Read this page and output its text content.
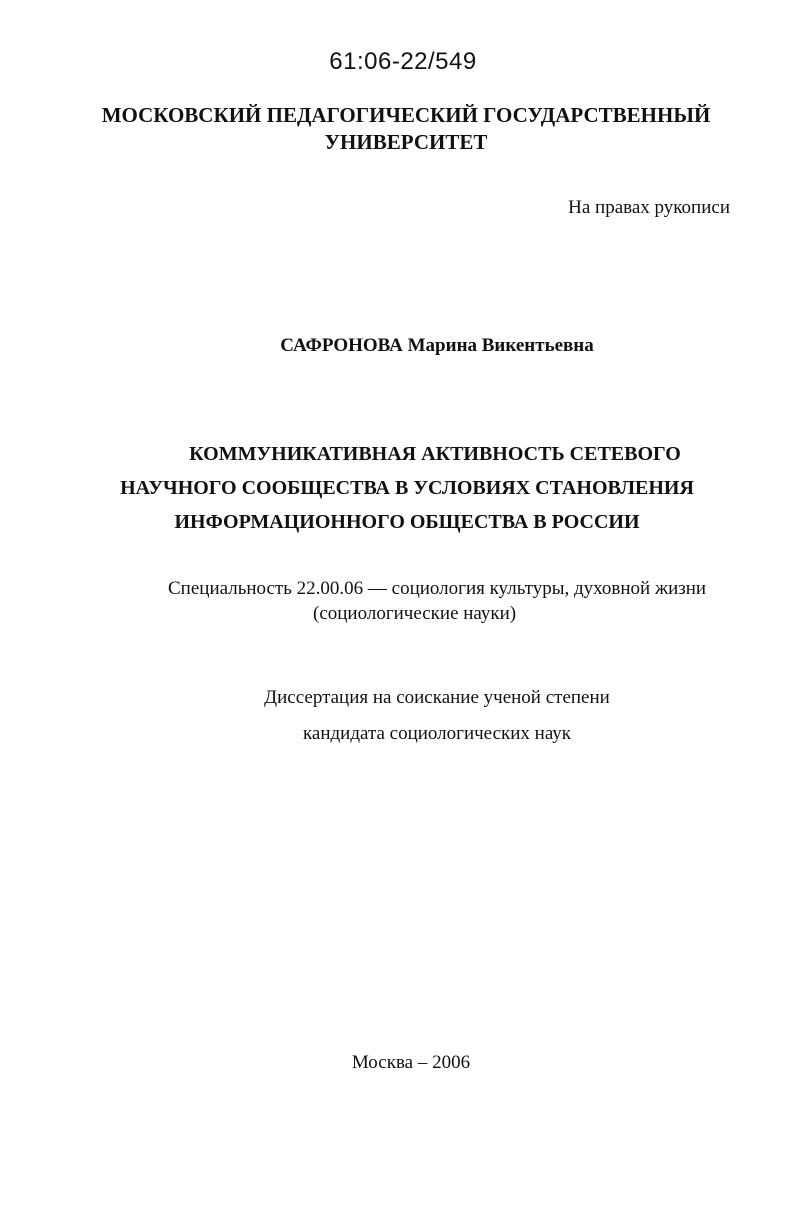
61:06-22/549
МОСКОВСКИЙ ПЕДАГОГИЧЕСКИЙ ГОСУДАРСТВЕННЫЙ
УНИВЕРСИТЕТ
На правах рукописи
САФРОНОВА Марина Викентьевна
КОММУНИКАТИВНАЯ АКТИВНОСТЬ СЕТЕВОГО
НАУЧНОГО СООБЩЕСТВА В УСЛОВИЯХ СТАНОВЛЕНИЯ
ИНФОРМАЦИОННОГО ОБЩЕСТВА В РОССИИ
Специальность 22.00.06 — социология культуры, духовной жизни
(социологические науки)
Диссертация на соискание ученой степени
кандидата социологических наук
Москва – 2006
